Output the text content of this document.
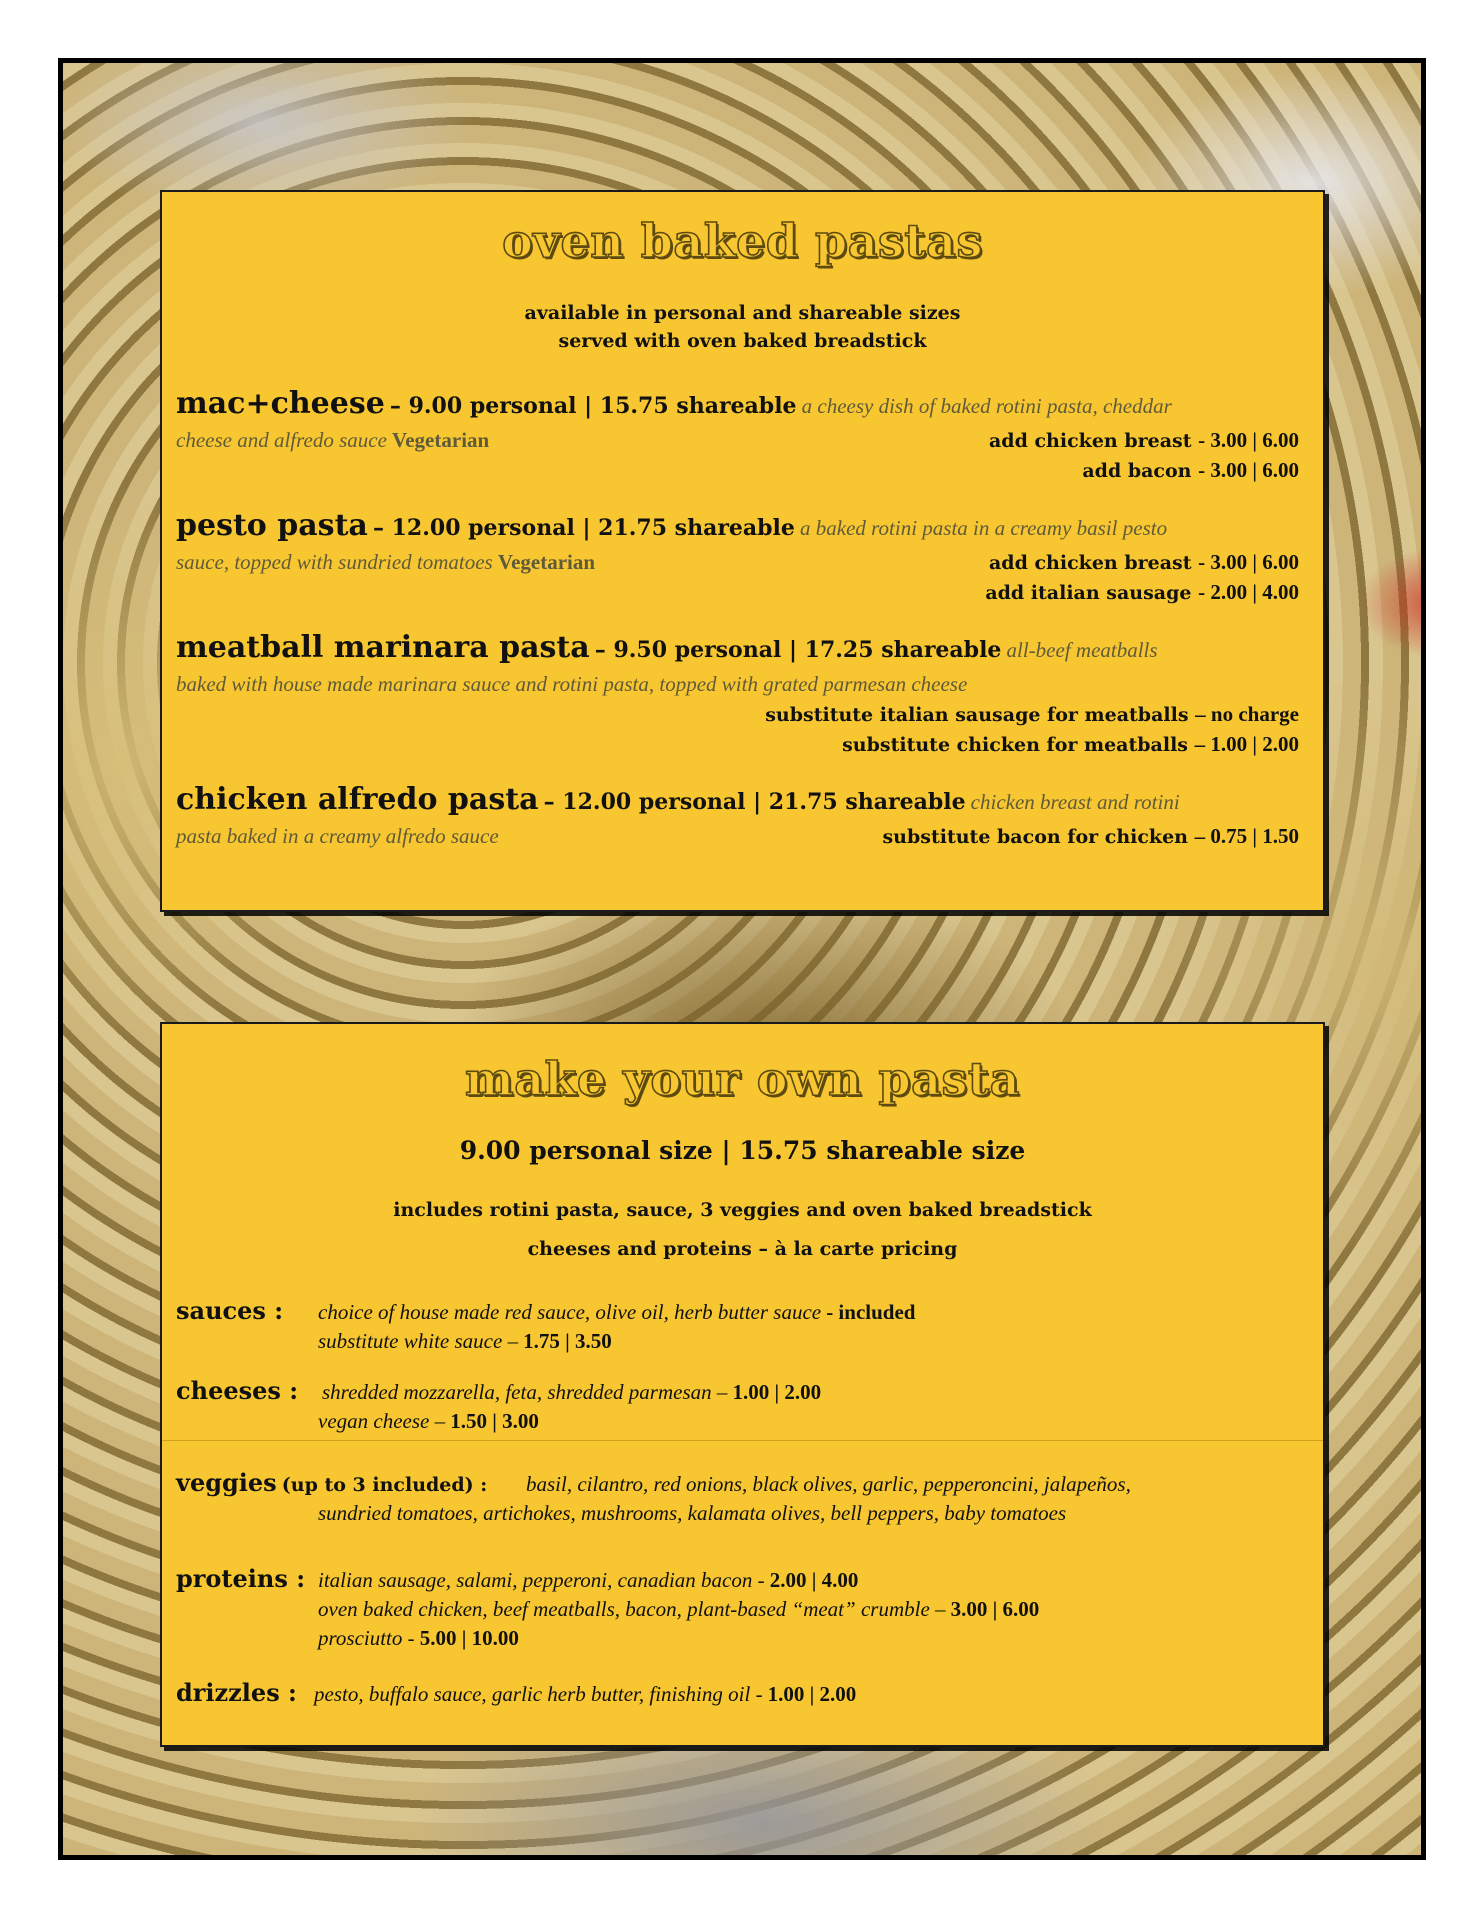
oven baked pastas
available in personal and shareable sizes
served with oven baked breadstick
mac+cheese – 9.00 personal | 15.75 shareable a cheesy dish of baked rotini pasta, cheddar
cheese and alfredo sauce Vegetarian	add chicken breast - 3.00 | 6.00
add bacon - 3.00 | 6.00
pesto pasta – 12.00 personal | 21.75 shareable a baked rotini pasta in a creamy basil pesto
sauce, topped with sundried tomatoes Vegetarian	add chicken breast - 3.00 | 6.00
add italian sausage - 2.00 | 4.00
meatball marinara pasta – 9.50 personal | 17.25 shareable all-beef meatballs
baked with house made marinara sauce and rotini pasta, topped with grated parmesan cheese
substitute italian sausage for meatballs – no charge
substitute chicken for meatballs – 1.00 | 2.00
chicken alfredo pasta – 12.00 personal | 21.75 shareable chicken breast and rotini
pasta baked in a creamy alfredo sauce	substitute bacon for chicken – 0.75 | 1.50
make your own pasta
9.00 personal size | 15.75 shareable size
includes rotini pasta, sauce, 3 veggies and oven baked breadstick
cheeses and proteins – à la carte pricing
sauces : choice of house made red sauce, olive oil, herb butter sauce - included
substitute white sauce – 1.75 | 3.50
cheeses : shredded mozzarella, feta, shredded parmesan – 1.00 | 2.00
vegan cheese – 1.50 | 3.00
veggies (up to 3 included) : basil, cilantro, red onions, black olives, garlic, pepperoncini, jalapeños,
sundried tomatoes, artichokes, mushrooms, kalamata olives, bell peppers, baby tomatoes
proteins : italian sausage, salami, pepperoni, canadian bacon - 2.00 | 4.00
oven baked chicken, beef meatballs, bacon, plant-based “meat” crumble – 3.00 | 6.00
prosciutto - 5.00 | 10.00
drizzles : pesto, buffalo sauce, garlic herb butter, finishing oil - 1.00 | 2.00
